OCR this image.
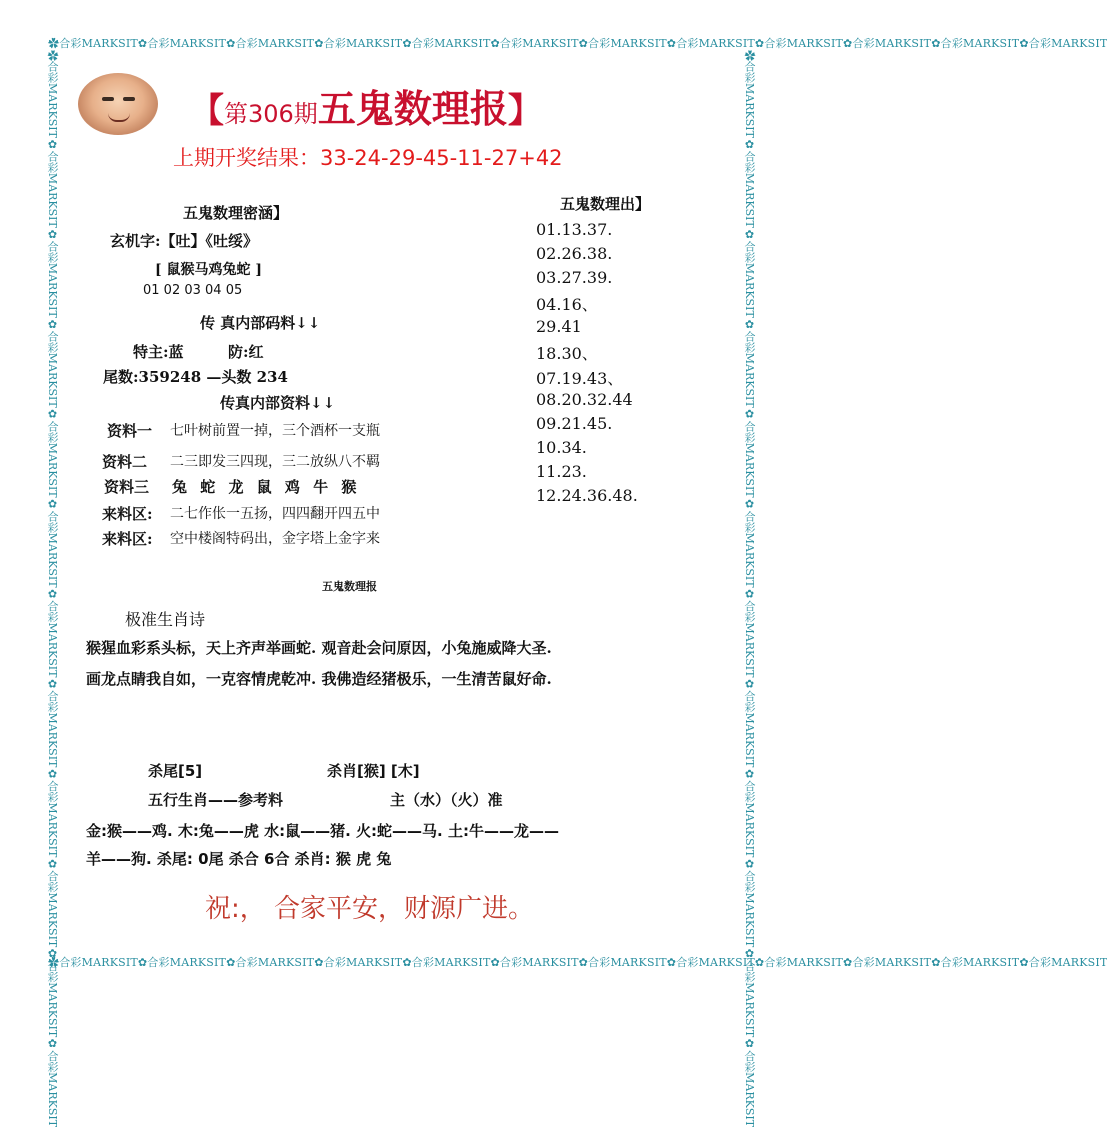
✿合彩MARKSIT✿合彩MARKSIT✿合彩MARKSIT✿合彩MARKSIT✿合彩MARKSIT✿合彩MARKSIT✿合彩MARKSIT✿合彩MARKSIT✿合彩MARKSIT✿合彩MARKSIT✿合彩MARKSIT✿合彩MARKSIT
✿合彩MARKSIT✿合彩MARKSIT✿合彩MARKSIT✿合彩MARKSIT✿合彩MARKSIT✿合彩MARKSIT✿合彩MARKSIT✿合彩MARKSIT✿合彩MARKSIT✿合彩MARKSIT✿合彩MARKSIT✿合彩MARKSIT
✿合彩MARKSIT✿合彩MARKSIT✿合彩MARKSIT✿合彩MARKSIT✿合彩MARKSIT✿合彩MARKSIT✿合彩MARKSIT✿合彩MARKSIT✿合彩MARKSIT✿合彩MARKSIT✿合彩MARKSIT✿合彩MARKSIT	✿合彩MARKSIT✿合彩MARKSIT✿合彩MARKSIT✿合彩MARKSIT✿合彩MARKSIT✿合彩MARKSIT✿合彩MARKSIT✿合彩MARKSIT✿合彩MARKSIT✿合彩MARKSIT✿合彩MARKSIT✿合彩MARKSIT
【第306期五鬼数理报】
上期开奖结果：33-24-29-45-11-27+42
五鬼数理密涵】
玄机字:【吐】《吐绥》
[ 鼠猴马鸡兔蛇 ]
01 02 03 04 05
传 真内部码料↓↓
特主:蓝	防:红
尾数:359248 —头数 234
传真内部资料↓↓
资料一 七叶树前置一掉，三个酒杯一支瓶
资料二 二三即发三四现，三二放纵八不羁
资料三 兔 蛇 龙 鼠 鸡 牛 猴
来料区: 二七作伥一五扬，四四翻开四五中
来料区: 空中楼阁特码出，金字塔上金字来
五鬼数理出】
01.13.37.
02.26.38.
03.27.39.
04.16、
29.41
18.30、
07.19.43、
08.20.32.44
09.21.45.
10.34.
11.23.
12.24.36.48.
五鬼数理报
极准生肖诗
猴猩血彩系头标，天上齐声举画蛇. 观音赴会问原因，小兔施威降大圣.
画龙点睛我自如，一克容情虎乾冲. 我佛造经猪极乐，一生清苦鼠好命.
杀尾[5]	杀肖[猴] [木]
五行生肖——参考料	主（水）（火）准
金:猴——鸡. 木:兔——虎 水:鼠——猪. 火:蛇——马. 土:牛——龙——
羊——狗. 杀尾: 0尾 杀合 6合 杀肖: 猴 虎 兔
祝:， 合家平安，财源广进。
